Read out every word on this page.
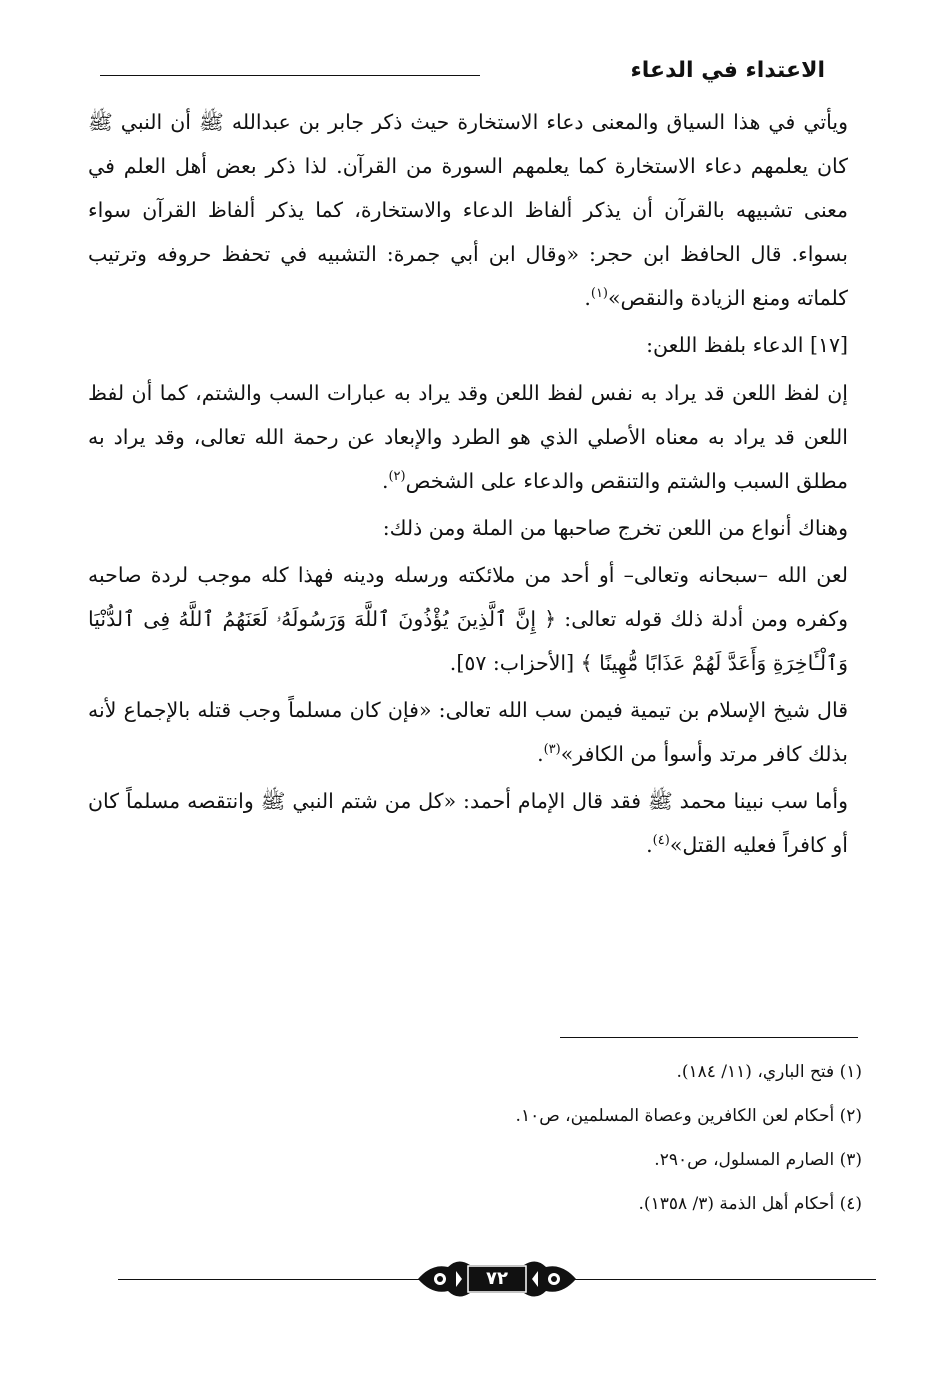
الاعتداء في الدعاء

ويأتي في هذا السياق والمعنى دعاء الاستخارة حيث ذكر جابر بن عبدالله ﷺ أن النبي ﷺ كان يعلمهم دعاء الاستخارة كما يعلمهم السورة من القرآن. لذا ذكر بعض أهل العلم في معنى تشبيهه بالقرآن أن يذكر ألفاظ الدعاء والاستخارة، كما يذكر ألفاظ القرآن سواء بسواء. قال الحافظ ابن حجر: «وقال ابن أبي جمرة: التشبيه في تحفظ حروفه وترتيب كلماته ومنع الزيادة والنقص»$^{(١)}$.

[١٧] الدعاء بلفظ اللعن:

إن لفظ اللعن قد يراد به نفس لفظ اللعن وقد يراد به عبارات السب والشتم، كما أن لفظ اللعن قد يراد به معناه الأصلي الذي هو الطرد والإبعاد عن رحمة الله تعالى، وقد يراد به مطلق السبب والشتم والتنقص والدعاء على الشخص$^{(٢)}$.

وهناك أنواع من اللعن تخرج صاحبها من الملة ومن ذلك:

لعن الله –سبحانه وتعالى– أو أحد من ملائكته ورسله ودينه فهذا كله موجب لردة صاحبه وكفره ومن أدلة ذلك قوله تعالى: ﴿ إِنَّ ٱلَّذِينَ يُؤْذُونَ ٱللَّهَ وَرَسُولَهُۥ لَعَنَهُمُ ٱللَّهُ فِى ٱلدُّنْيَا وَٱلْـَٔاخِرَةِ وَأَعَدَّ لَهُمْ عَذَابًا مُّهِينًا ﴾ [الأحزاب: ٥٧].

قال شيخ الإسلام بن تيمية فيمن سب الله تعالى: «فإن كان مسلماً وجب قتله بالإجماع لأنه بذلك كافر مرتد وأسوأ من الكافر»$^{(٣)}$.

وأما سب نبينا محمد ﷺ فقد قال الإمام أحمد: «كل من شتم النبي ﷺ وانتقصه مسلماً كان أو كافراً فعليه القتل»$^{(٤)}$.

(١) فتح الباري، (١١/ ١٨٤).
(٢) أحكام لعن الكافرين وعصاة المسلمين، ص١٠.
(٣) الصارم المسلول، ص٢٩٠.
(٤) أحكام أهل الذمة (٣/ ١٣٥٨).
٧٢
